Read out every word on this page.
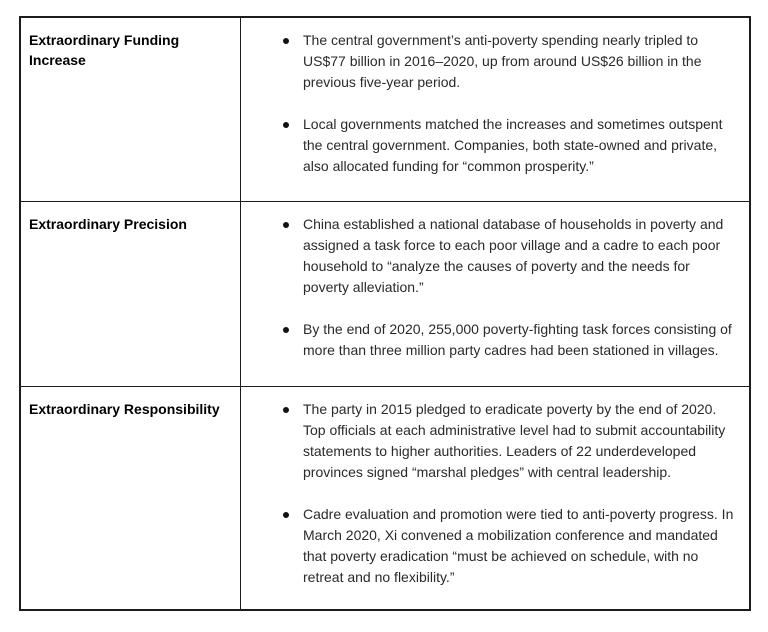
Extraordinary Funding Increase
The central government’s anti-poverty spending nearly tripled to US$77 billion in 2016–2020, up from around US$26 billion in the previous five-year period.
Local governments matched the increases and sometimes outspent the central government. Companies, both state-owned and private, also allocated funding for “common prosperity.”
Extraordinary Precision	China established a national database of households in poverty and assigned a task force to each poor village and a cadre to each poor household to “analyze the causes of poverty and the needs for poverty alleviation.”
By the end of 2020, 255,000 poverty-fighting task forces consisting of more than three million party cadres had been stationed in villages.
Extraordinary Responsibility	The party in 2015 pledged to eradicate poverty by the end of 2020. Top officials at each administrative level had to submit accountability statements to higher authorities. Leaders of 22 underdeveloped provinces signed “marshal pledges” with central leadership.
Cadre evaluation and promotion were tied to anti-poverty progress. In March 2020, Xi convened a mobilization conference and mandated that poverty eradication “must be achieved on schedule, with no retreat and no flexibility.”
